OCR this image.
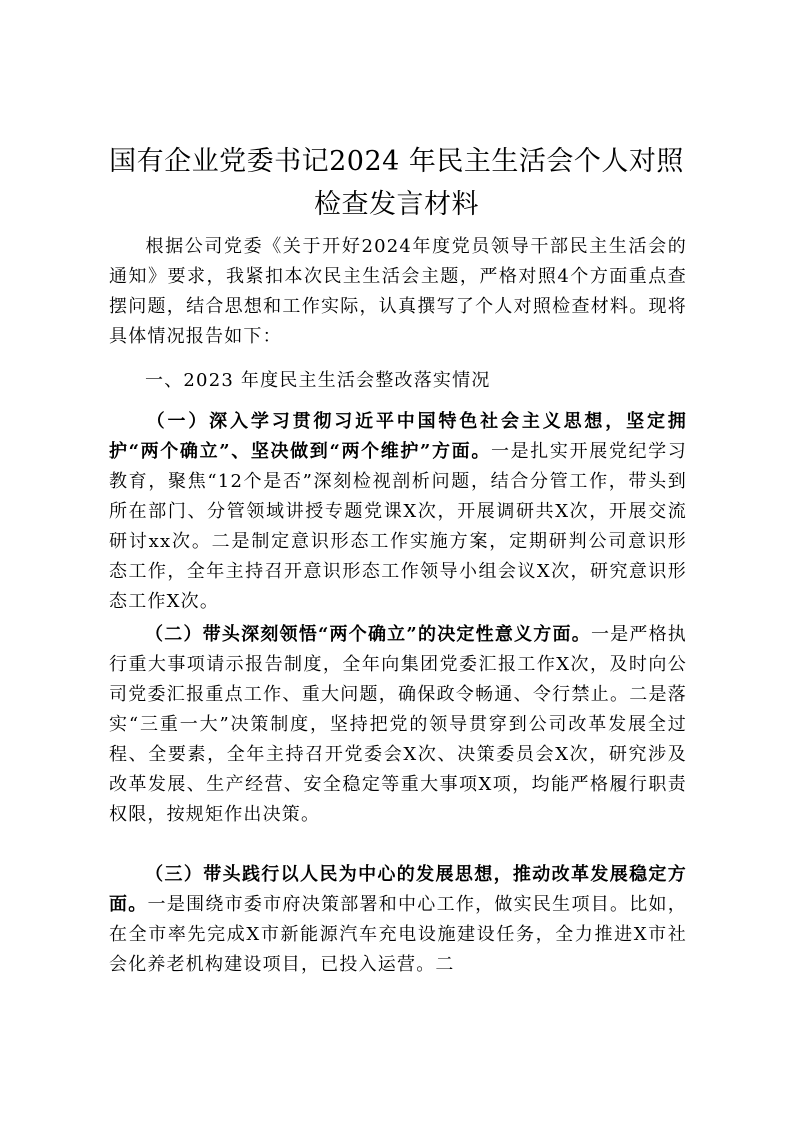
国有企业党委书记2024 年民主生活会个人对照检查发言材料

根据公司党委《关于开好2024年度党员领导干部民主生活会的通知》要求，我紧扣本次民主生活会主题，严格对照4个方面重点查摆问题，结合思想和工作实际，认真撰写了个人对照检查材料。现将具体情况报告如下：

一、2023 年度民主生活会整改落实情况

（一）深入学习贯彻习近平中国特色社会主义思想，坚定拥护“两个确立”、坚决做到“两个维护”方面。一是扎实开展党纪学习教育，聚焦“12个是否”深刻检视剖析问题，结合分管工作，带头到所在部门、分管领域讲授专题党课X次，开展调研共X次，开展交流研讨xx次。二是制定意识形态工作实施方案，定期研判公司意识形态工作，全年主持召开意识形态工作领导小组会议X次，研究意识形态工作X次。

（二）带头深刻领悟“两个确立”的决定性意义方面。一是严格执行重大事项请示报告制度，全年向集团党委汇报工作X次，及时向公司党委汇报重点工作、重大问题，确保政令畅通、令行禁止。二是落实“三重一大”决策制度，坚持把党的领导贯穿到公司改革发展全过程、全要素，全年主持召开党委会X次、决策委员会X次，研究涉及改革发展、生产经营、安全稳定等重大事项X项，均能严格履行职责权限，按规矩作出决策。

（三）带头践行以人民为中心的发展思想，推动改革发展稳定方面。一是围绕市委市府决策部署和中心工作，做实民生项目。比如，在全市率先完成X市新能源汽车充电设施建设任务，全力推进X市社会化养老机构建设项目，已投入运营。二
